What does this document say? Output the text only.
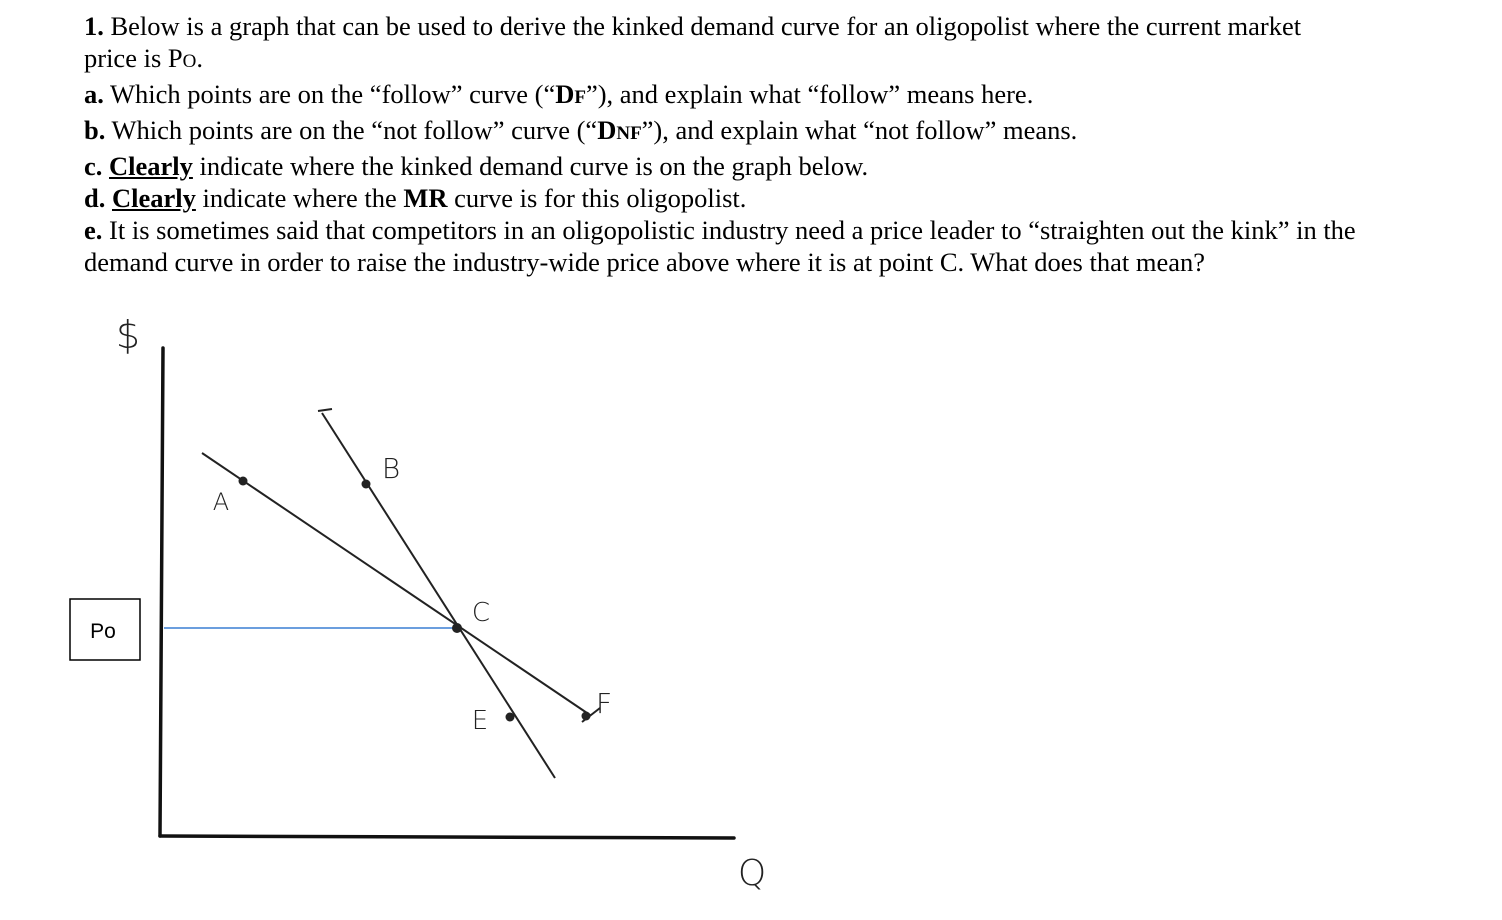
1. Below is a graph that can be used to derive the kinked demand curve for an oligopolist where the current market
price is PO.

a. Which points are on the “follow” curve (“DF”), and explain what “follow” means here.

b. Which points are on the “not follow” curve (“DNF”), and explain what “not follow” means.

c. Clearly indicate where the kinked demand curve is on the graph below.

d. Clearly indicate where the MR curve is for this oligopolist.

e. It is sometimes said that competitors in an oligopolistic industry need a price leader to “straighten out the kink” in the
demand curve in order to raise the industry-wide price above where it is at point C. What does that mean?

$
Q
Po
A
B
C
E
F
